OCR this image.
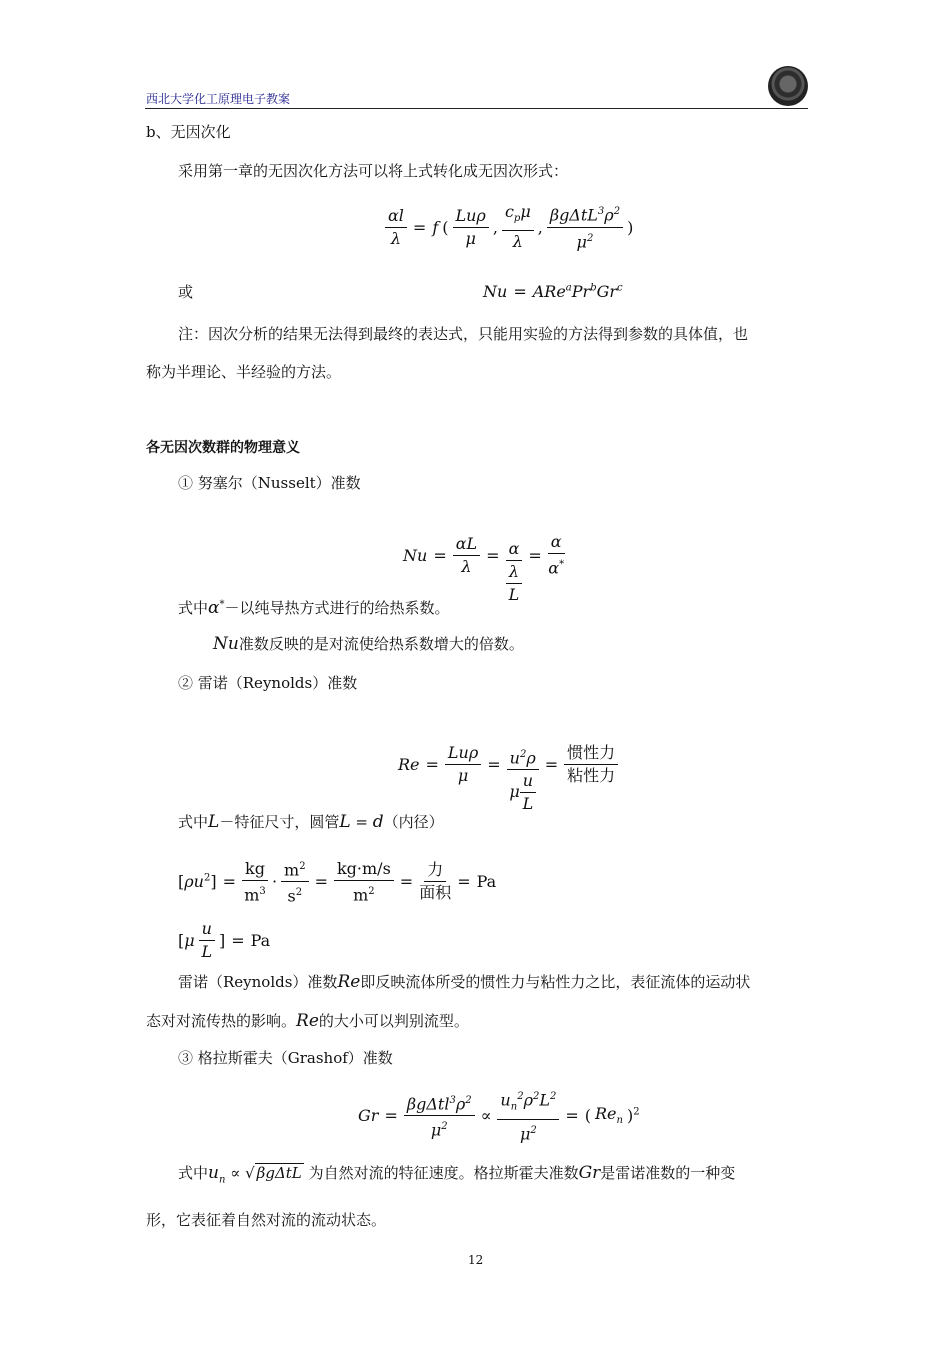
西北大学化工原理电子教案
b、无因次化
采用第一章的无因次化方法可以将上式转化成无因次形式：
$\frac{\alpha l}{\lambda} = f$ ( $\frac{\text{Luρ}}{\mu}$ , $\frac{c_p\mu}{\lambda}$ , $\frac{\beta g\Delta tL^3\rho^2}{\mu^2}$ )
或	$Nu = ARe^aPr^bGr^c$
注：因次分析的结果无法得到最终的表达式，只能用实验的方法得到参数的具体值，也
称为半理论、半经验的方法。
各无因次数群的物理意义
① 努塞尔（Nusselt）准数
$Nu = \frac{\alpha L}{\lambda} = \frac{\alpha}{\frac{\lambda}{L}} = \frac{\alpha}{\alpha^*}$
式中α*－以纯导热方式进行的给热系数。
Nu准数反映的是对流使给热系数增大的倍数。
② 雷诺（Reynolds）准数
$Re = \frac{\text{Luρ}}{\mu} = \frac{u^2\rho}{\mu \frac{u}{L}} = \frac{\text{惯性力}}{\text{粘性力}}$
式中L－特征尺寸，圆管L = d（内径）
$[\rho u^2] = \frac{kg}{m^3} \cdot \frac{m^2}{s^2} = \frac{kg\cdot m/s}{m^2} = \frac{\text{力}}{\text{面积}} = Pa$
[$\mu \frac{u}{L}$ ] = Pa
雷诺（Reynolds）准数Re即反映流体所受的惯性力与粘性力之比，表征流体的运动状
态对对流传热的影响。Re的大小可以判别流型。
③ 格拉斯霍夫（Grashof）准数
$Gr = \frac{\beta g\Delta tl^3\rho^2}{\mu^2} \propto \frac{u_n^2\rho^2L^2}{\mu^2}$ = ( $Re_n$ )$^2$
式中$u_n$ ∝ √ βgΔtL 为自然对流的特征速度。格拉斯霍夫准数Gr是雷诺准数的一种变
形，它表征着自然对流的流动状态。
12
